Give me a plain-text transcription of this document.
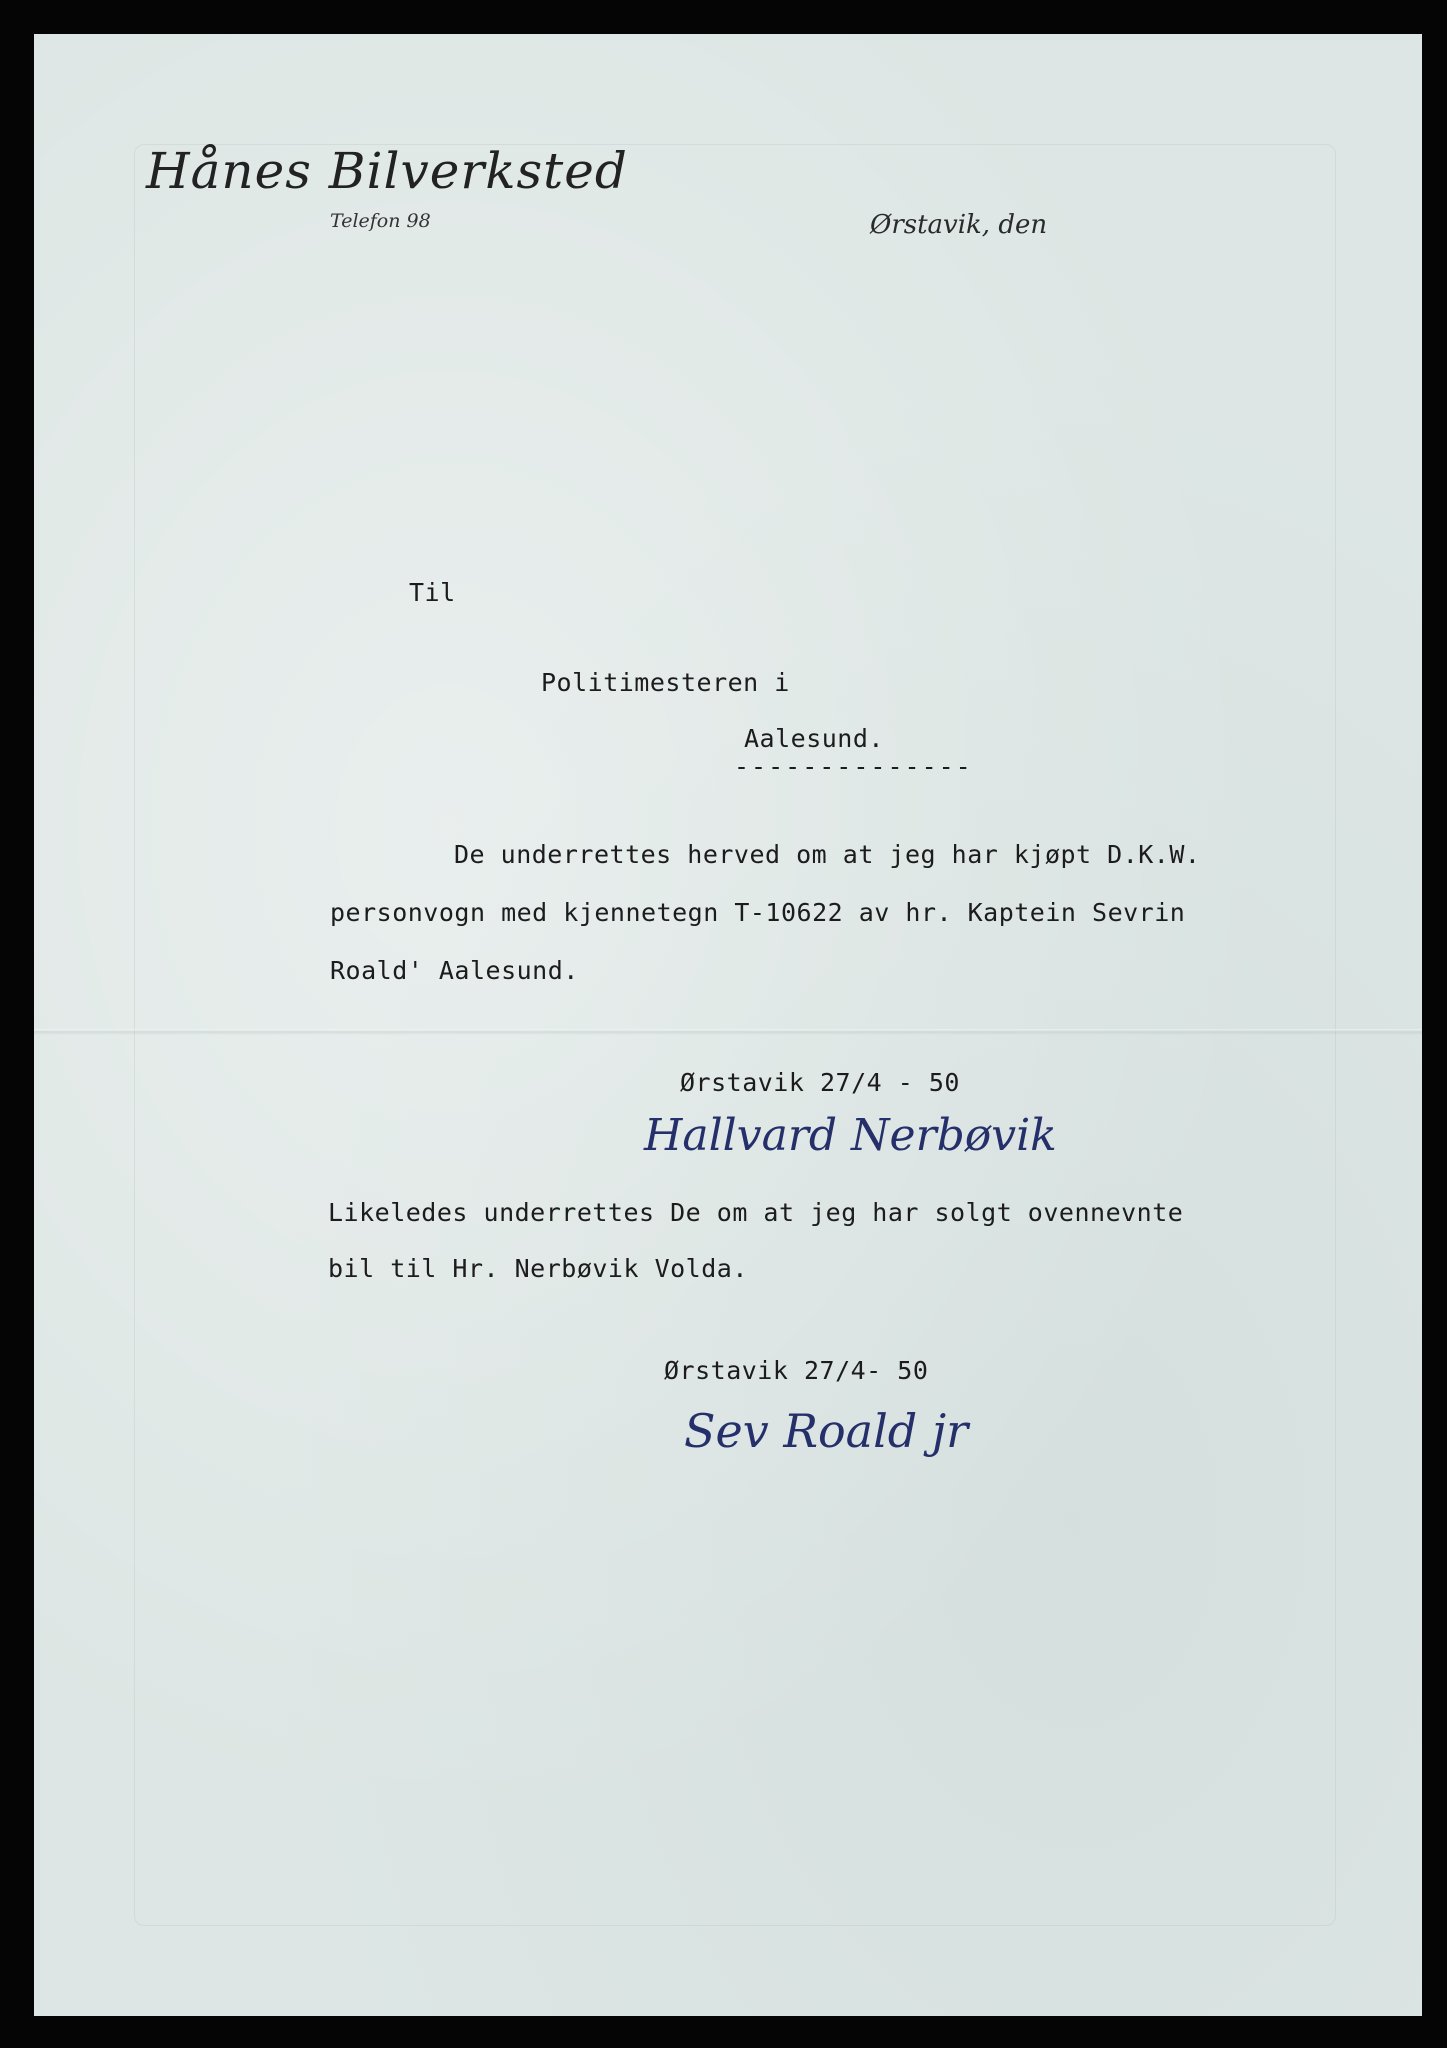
Hånes Bilverksted
Telefon 98	Ørstavik, den
Til
Politimesteren i
Aalesund.
--------------
De underrettes herved om at jeg har kjøpt D.K.W.
personvogn med kjennetegn T-10622 av hr. Kaptein Sevrin
Roald' Aalesund.
Ørstavik 27/4 - 50
Hallvard Nerbøvik
Likeledes underrettes De om at jeg har solgt ovennevnte
bil til Hr. Nerbøvik Volda.
Ørstavik 27/4- 50
Sev Roald jr
